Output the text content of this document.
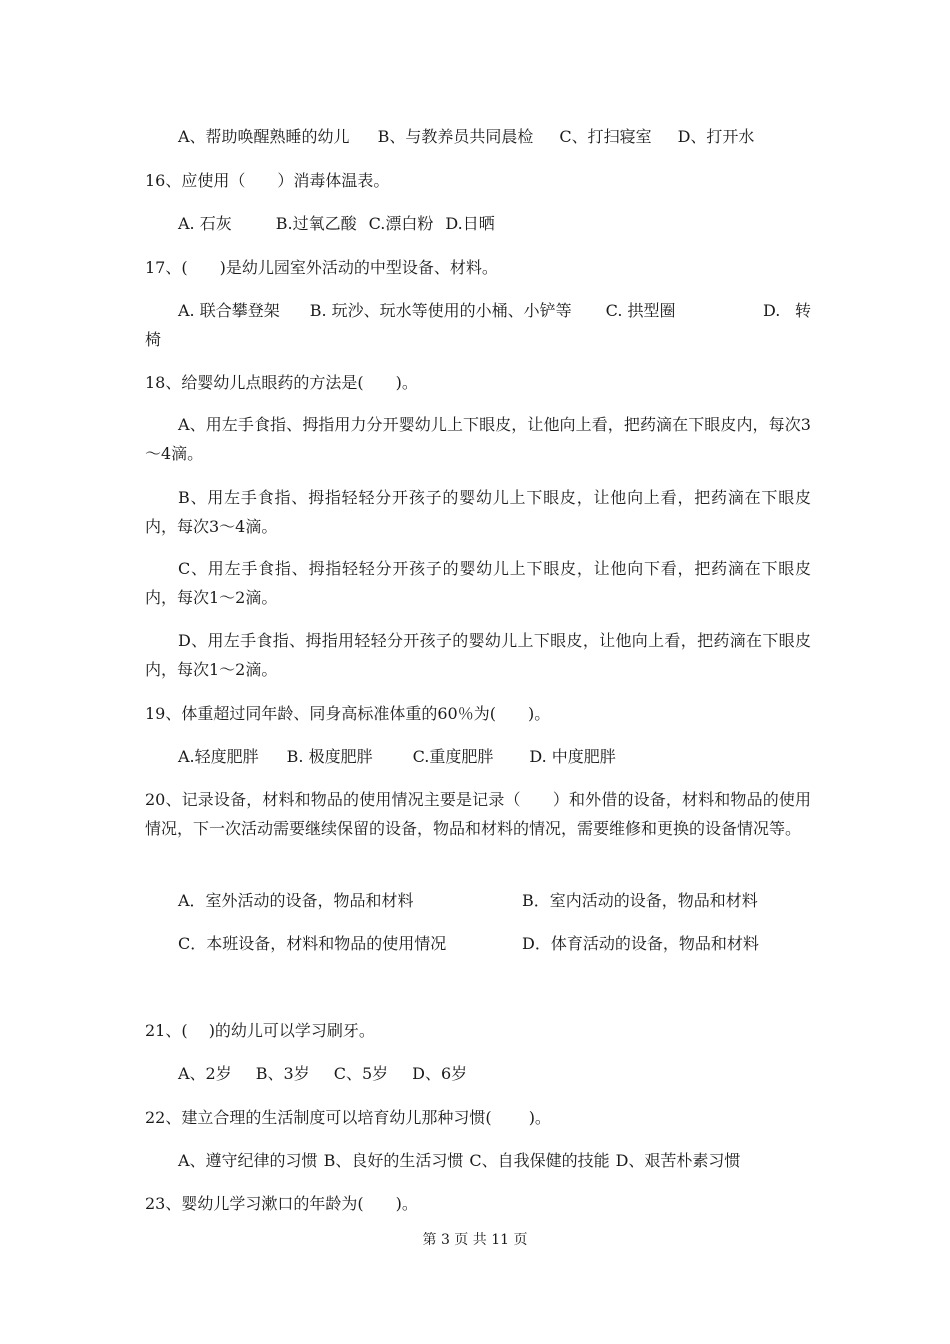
A、帮助唤醒熟睡的幼儿 B、与教养员共同晨检 C、打扫寝室 D、打开水
16、应使用（　　）消毒体温表。
A. 石灰	B.过氧乙酸 C.漂白粉 D.日晒
17、(　　)是幼儿园室外活动的中型设备、材料。
A. 联合攀登架 B. 玩沙、玩水等使用的小桶、小铲等 C. 拱型圈	D. 转椅
18、给婴幼儿点眼药的方法是(　　)。
A、用左手食指、拇指用力分开婴幼儿上下眼皮，让他向上看，把药滴在下眼皮内，每次3～4滴。
B、用左手食指、拇指轻轻分开孩子的婴幼儿上下眼皮，让他向上看，把药滴在下眼皮内，每次3～4滴。
C、用左手食指、拇指轻轻分开孩子的婴幼儿上下眼皮，让他向下看，把药滴在下眼皮内，每次1～2滴。
D、用左手食指、拇指用轻轻分开孩子的婴幼儿上下眼皮，让他向上看，把药滴在下眼皮内，每次1～2滴。
19、体重超过同年龄、同身高标准体重的60％为(　　)。
A.轻度肥胖 B. 极度肥胖	C.重度肥胖 D. 中度肥胖
20、记录设备，材料和物品的使用情况主要是记录（　　）和外借的设备，材料和物品的使用情况，下一次活动需要继续保留的设备，物品和材料的情况，需要维修和更换的设备情况等。
A．室外活动的设备，物品和材料	B．室内活动的设备，物品和材料
C．本班设备，材料和物品的使用情况	D．体育活动的设备，物品和材料
21、(　 )的幼儿可以学习刷牙。
A、2岁 B、3岁 C、5岁 D、6岁
22、建立合理的生活制度可以培育幼儿那种习惯(　　 )。
A、遵守纪律的习惯 B、良好的生活习惯 C、自我保健的技能 D、艰苦朴素习惯
23、婴幼儿学习漱口的年龄为(　　)。
第 3 页 共 11 页
